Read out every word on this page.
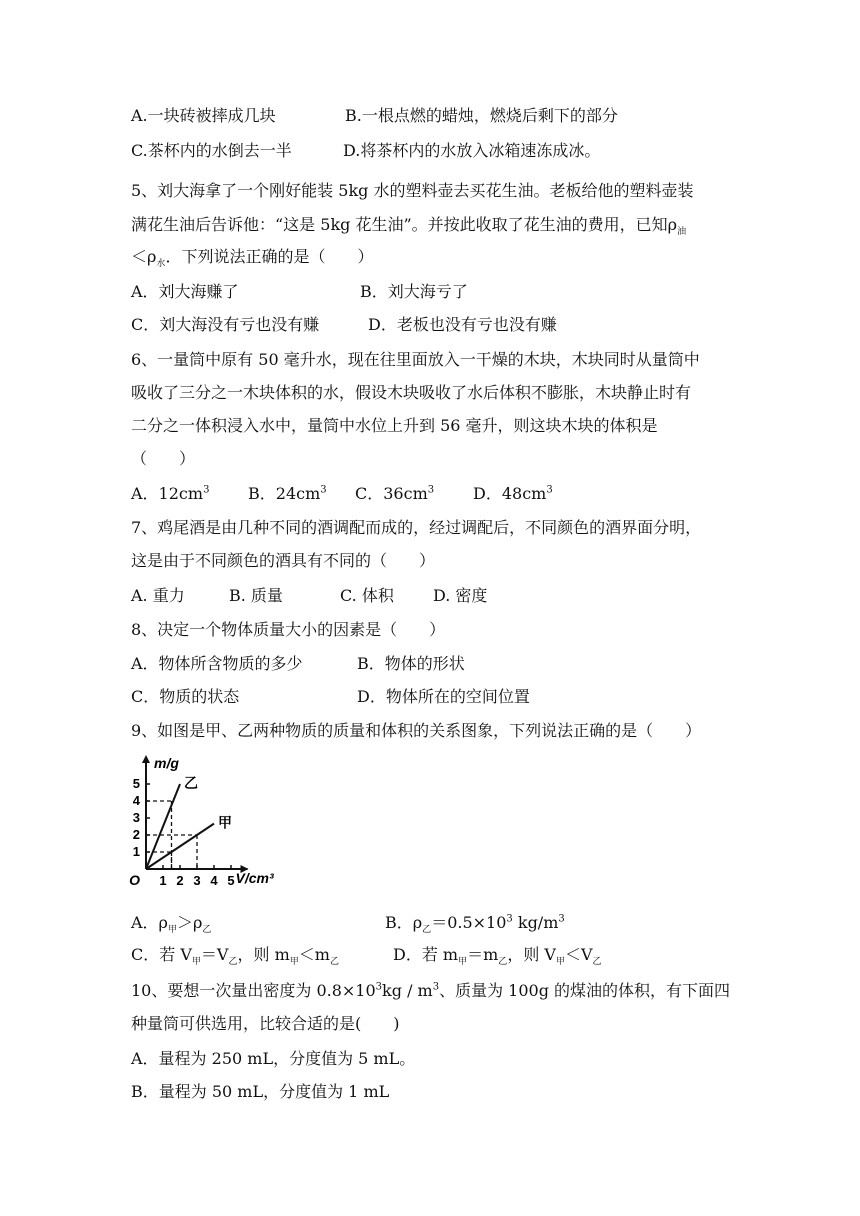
A.一块砖被摔成几块	B.一根点燃的蜡烛，燃烧后剩下的部分
C.茶杯内的水倒去一半	D.将茶杯内的水放入冰箱速冻成冰。
5、刘大海拿了一个刚好能装 5kg 水的塑料壶去买花生油。老板给他的塑料壶装
满花生油后告诉他：“这是 5kg 花生油”。并按此收取了花生油的费用，已知$\rho_油$
$<\rho_水$．下列说法正确的是（　　）
A．刘大海赚了	B．刘大海亏了
C．刘大海没有亏也没有赚	D．老板也没有亏也没有赚
6、一量筒中原有 50 毫升水，现在往里面放入一干燥的木块，木块同时从量筒中
吸收了三分之一木块体积的水，假设木块吸收了水后体积不膨胀，木块静止时有
二分之一体积浸入水中，量筒中水位上升到 56 毫升，则这块木块的体积是
（　　）
A．$12cm^3$ B．$24cm^3$ C．$36cm^3$ D．$48cm^3$
7、鸡尾酒是由几种不同的酒调配而成的，经过调配后，不同颜色的酒界面分明，
这是由于不同颜色的酒具有不同的（　　）
A. 重力	B. 质量	C. 体积 D. 密度
8、决定一个物体质量大小的因素是（　　）
A．物体所含物质的多少	B．物体的形状
C．物质的状态	D．物体所在的空间位置
9、如图是甲、乙两种物质的质量和体积的关系图象，下列说法正确的是（　　）
1
2
3
4
5
1 2 3 4 5
O
m/g
V/cm³
乙
甲
A．$\rho_甲>\rho_乙$	B．$\rho_乙=0.5\times 10^3$ $kg/m^3$
C．若 $V_甲=V_乙$，则 $m_甲<m_乙$	D．若 $m_甲=m_乙$，则 $V_甲<V_乙$
10、要想一次量出密度为 $0.8\times 10^3kg / m^3$、质量为 100g 的煤油的体积，有下面四
种量筒可供选用，比较合适的是(　　)
A．量程为 250 mL，分度值为 5 mL。
B．量程为 50 mL，分度值为 1 mL
